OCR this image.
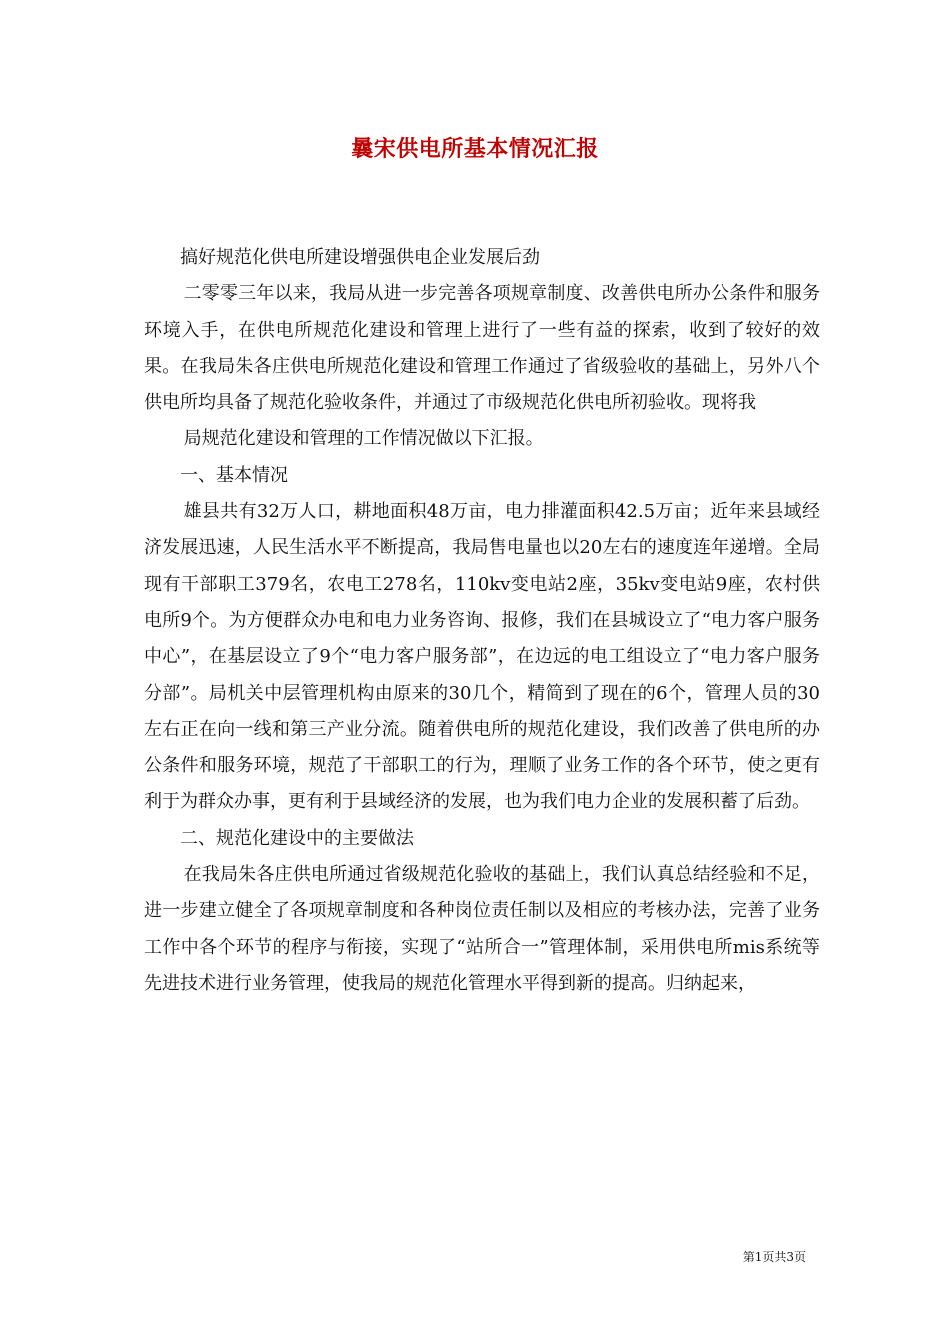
曩宋供电所基本情况汇报

搞好规范化供电所建设增强供电企业发展后劲

二零零三年以来，我局从进一步完善各项规章制度、改善供电所办公条件和服务环境入手，在供电所规范化建设和管理上进行了一些有益的探索，收到了较好的效果。在我局朱各庄供电所规范化建设和管理工作通过了省级验收的基础上，另外八个供电所均具备了规范化验收条件，并通过了市级规范化供电所初验收。现将我

局规范化建设和管理的工作情况做以下汇报。

一、基本情况

雄县共有32万人口，耕地面积48万亩，电力排灌面积42.5万亩；近年来县域经济发展迅速，人民生活水平不断提高，我局售电量也以20左右的速度连年递增。全局现有干部职工379名，农电工278名，110kv变电站2座，35kv变电站9座，农村供电所9个。为方便群众办电和电力业务咨询、报修，我们在县城设立了“电力客户服务中心”，在基层设立了9个“电力客户服务部”，在边远的电工组设立了“电力客户服务分部”。局机关中层管理机构由原来的30几个，精简到了现在的6个，管理人员的30左右正在向一线和第三产业分流。随着供电所的规范化建设，我们改善了供电所的办公条件和服务环境，规范了干部职工的行为，理顺了业务工作的各个环节，使之更有利于为群众办事，更有利于县域经济的发展，也为我们电力企业的发展积蓄了后劲。

二、规范化建设中的主要做法

在我局朱各庄供电所通过省级规范化验收的基础上，我们认真总结经验和不足，进一步建立健全了各项规章制度和各种岗位责任制以及相应的考核办法，完善了业务工作中各个环节的程序与衔接，实现了“站所合一”管理体制，采用供电所mis系统等先进技术进行业务管理，使我局的规范化管理水平得到新的提高。归纳起来，

第1页共3页
